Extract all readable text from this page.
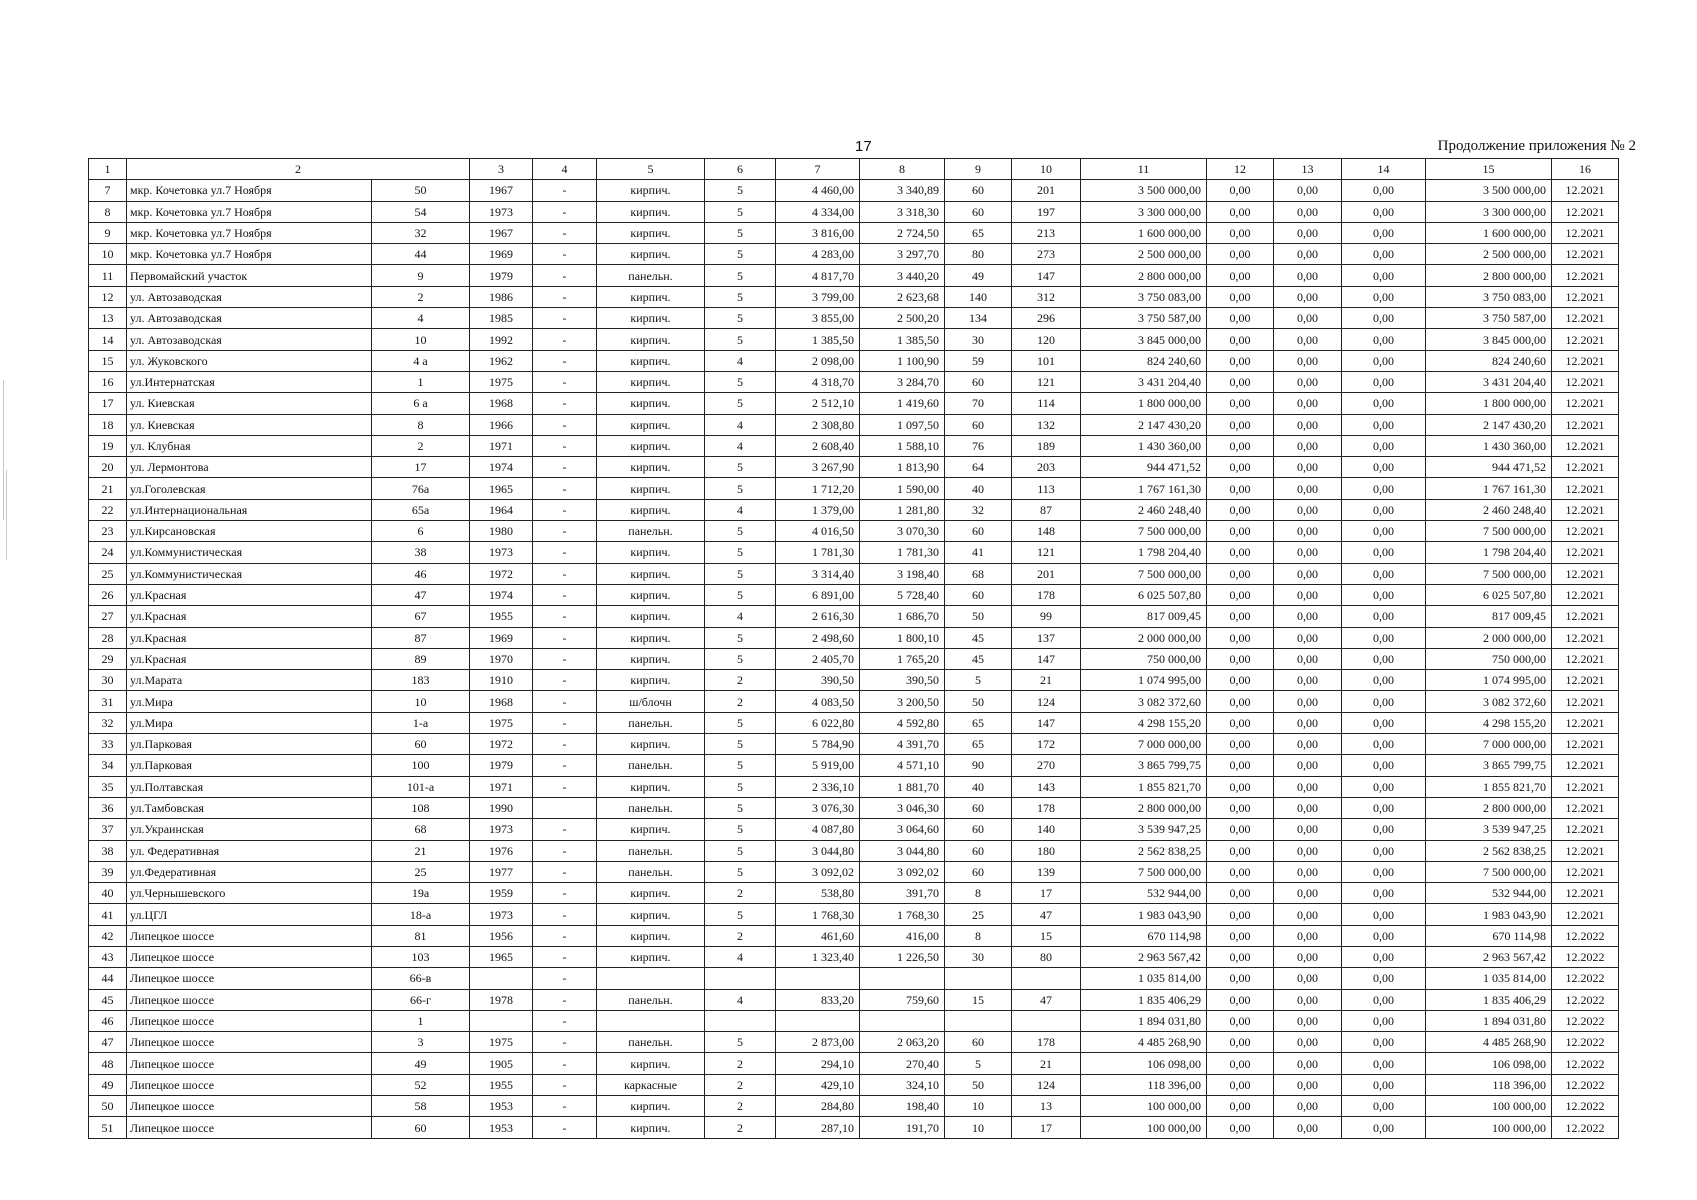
17	Продолжение приложения № 2
1	2		3	4	5	6	7	8	9	10	11	12	13	14	15	16
7	мкр. Кочетовка ул.7 Ноября	50	1967	-	кирпич.	5	4 460,00	3 340,89	60	201	3 500 000,00	0,00	0,00	0,00	3 500 000,00	12.2021
8	мкр. Кочетовка ул.7 Ноября	54	1973	-	кирпич.	5	4 334,00	3 318,30	60	197	3 300 000,00	0,00	0,00	0,00	3 300 000,00	12.2021
9	мкр. Кочетовка ул.7 Ноября	32	1967	-	кирпич.	5	3 816,00	2 724,50	65	213	1 600 000,00	0,00	0,00	0,00	1 600 000,00	12.2021
10	мкр. Кочетовка ул.7 Ноября	44	1969	-	кирпич.	5	4 283,00	3 297,70	80	273	2 500 000,00	0,00	0,00	0,00	2 500 000,00	12.2021
11	Первомайский участок	9	1979	-	панельн.	5	4 817,70	3 440,20	49	147	2 800 000,00	0,00	0,00	0,00	2 800 000,00	12.2021
12	ул. Автозаводская	2	1986	-	кирпич.	5	3 799,00	2 623,68	140	312	3 750 083,00	0,00	0,00	0,00	3 750 083,00	12.2021
13	ул. Автозаводская	4	1985	-	кирпич.	5	3 855,00	2 500,20	134	296	3 750 587,00	0,00	0,00	0,00	3 750 587,00	12.2021
14	ул. Автозаводская	10	1992	-	кирпич.	5	1 385,50	1 385,50	30	120	3 845 000,00	0,00	0,00	0,00	3 845 000,00	12.2021
15	ул. Жуковского	4 а	1962	-	кирпич.	4	2 098,00	1 100,90	59	101	824 240,60	0,00	0,00	0,00	824 240,60	12.2021
16	ул.Интернатская	1	1975	-	кирпич.	5	4 318,70	3 284,70	60	121	3 431 204,40	0,00	0,00	0,00	3 431 204,40	12.2021
17	ул. Киевская	6 а	1968	-	кирпич.	5	2 512,10	1 419,60	70	114	1 800 000,00	0,00	0,00	0,00	1 800 000,00	12.2021
18	ул. Киевская	8	1966	-	кирпич.	4	2 308,80	1 097,50	60	132	2 147 430,20	0,00	0,00	0,00	2 147 430,20	12.2021
19	ул. Клубная	2	1971	-	кирпич.	4	2 608,40	1 588,10	76	189	1 430 360,00	0,00	0,00	0,00	1 430 360,00	12.2021
20	ул. Лермонтова	17	1974	-	кирпич.	5	3 267,90	1 813,90	64	203	944 471,52	0,00	0,00	0,00	944 471,52	12.2021
21	ул.Гоголевская	76а	1965	-	кирпич.	5	1 712,20	1 590,00	40	113	1 767 161,30	0,00	0,00	0,00	1 767 161,30	12.2021
22	ул.Интернациональная	65а	1964	-	кирпич.	4	1 379,00	1 281,80	32	87	2 460 248,40	0,00	0,00	0,00	2 460 248,40	12.2021
23	ул.Кирсановская	6	1980	-	панельн.	5	4 016,50	3 070,30	60	148	7 500 000,00	0,00	0,00	0,00	7 500 000,00	12.2021
24	ул.Коммунистическая	38	1973	-	кирпич.	5	1 781,30	1 781,30	41	121	1 798 204,40	0,00	0,00	0,00	1 798 204,40	12.2021
25	ул.Коммунистическая	46	1972	-	кирпич.	5	3 314,40	3 198,40	68	201	7 500 000,00	0,00	0,00	0,00	7 500 000,00	12.2021
26	ул.Красная	47	1974	-	кирпич.	5	6 891,00	5 728,40	60	178	6 025 507,80	0,00	0,00	0,00	6 025 507,80	12.2021
27	ул.Красная	67	1955	-	кирпич.	4	2 616,30	1 686,70	50	99	817 009,45	0,00	0,00	0,00	817 009,45	12.2021
28	ул.Красная	87	1969	-	кирпич.	5	2 498,60	1 800,10	45	137	2 000 000,00	0,00	0,00	0,00	2 000 000,00	12.2021
29	ул.Красная	89	1970	-	кирпич.	5	2 405,70	1 765,20	45	147	750 000,00	0,00	0,00	0,00	750 000,00	12.2021
30	ул.Марата	183	1910	-	кирпич.	2	390,50	390,50	5	21	1 074 995,00	0,00	0,00	0,00	1 074 995,00	12.2021
31	ул.Мира	10	1968	-	ш/блочн	2	4 083,50	3 200,50	50	124	3 082 372,60	0,00	0,00	0,00	3 082 372,60	12.2021
32	ул.Мира	1-а	1975	-	панельн.	5	6 022,80	4 592,80	65	147	4 298 155,20	0,00	0,00	0,00	4 298 155,20	12.2021
33	ул.Парковая	60	1972	-	кирпич.	5	5 784,90	4 391,70	65	172	7 000 000,00	0,00	0,00	0,00	7 000 000,00	12.2021
34	ул.Парковая	100	1979	-	панельн.	5	5 919,00	4 571,10	90	270	3 865 799,75	0,00	0,00	0,00	3 865 799,75	12.2021
35	ул.Полтавская	101-а	1971	-	кирпич.	5	2 336,10	1 881,70	40	143	1 855 821,70	0,00	0,00	0,00	1 855 821,70	12.2021
36	ул.Тамбовская	108	1990		панельн.	5	3 076,30	3 046,30	60	178	2 800 000,00	0,00	0,00	0,00	2 800 000,00	12.2021
37	ул.Украинская	68	1973	-	кирпич.	5	4 087,80	3 064,60	60	140	3 539 947,25	0,00	0,00	0,00	3 539 947,25	12.2021
38	ул. Федеративная	21	1976	-	панельн.	5	3 044,80	3 044,80	60	180	2 562 838,25	0,00	0,00	0,00	2 562 838,25	12.2021
39	ул.Федеративная	25	1977	-	панельн.	5	3 092,02	3 092,02	60	139	7 500 000,00	0,00	0,00	0,00	7 500 000,00	12.2021
40	ул.Чернышевского	19а	1959	-	кирпич.	2	538,80	391,70	8	17	532 944,00	0,00	0,00	0,00	532 944,00	12.2021
41	ул.ЦГЛ	18-а	1973	-	кирпич.	5	1 768,30	1 768,30	25	47	1 983 043,90	0,00	0,00	0,00	1 983 043,90	12.2021
42	Липецкое шоссе	81	1956	-	кирпич.	2	461,60	416,00	8	15	670 114,98	0,00	0,00	0,00	670 114,98	12.2022
43	Липецкое шоссе	103	1965	-	кирпич.	4	1 323,40	1 226,50	30	80	2 963 567,42	0,00	0,00	0,00	2 963 567,42	12.2022
44	Липецкое шоссе	66-в		-							1 035 814,00	0,00	0,00	0,00	1 035 814,00	12.2022
45	Липецкое шоссе	66-г	1978	-	панельн.	4	833,20	759,60	15	47	1 835 406,29	0,00	0,00	0,00	1 835 406,29	12.2022
46	Липецкое шоссе	1		-							1 894 031,80	0,00	0,00	0,00	1 894 031,80	12.2022
47	Липецкое шоссе	3	1975	-	панельн.	5	2 873,00	2 063,20	60	178	4 485 268,90	0,00	0,00	0,00	4 485 268,90	12.2022
48	Липецкое шоссе	49	1905	-	кирпич.	2	294,10	270,40	5	21	106 098,00	0,00	0,00	0,00	106 098,00	12.2022
49	Липецкое шоссе	52	1955	-	каркасные	2	429,10	324,10	50	124	118 396,00	0,00	0,00	0,00	118 396,00	12.2022
50	Липецкое шоссе	58	1953	-	кирпич.	2	284,80	198,40	10	13	100 000,00	0,00	0,00	0,00	100 000,00	12.2022
51	Липецкое шоссе	60	1953	-	кирпич.	2	287,10	191,70	10	17	100 000,00	0,00	0,00	0,00	100 000,00	12.2022
